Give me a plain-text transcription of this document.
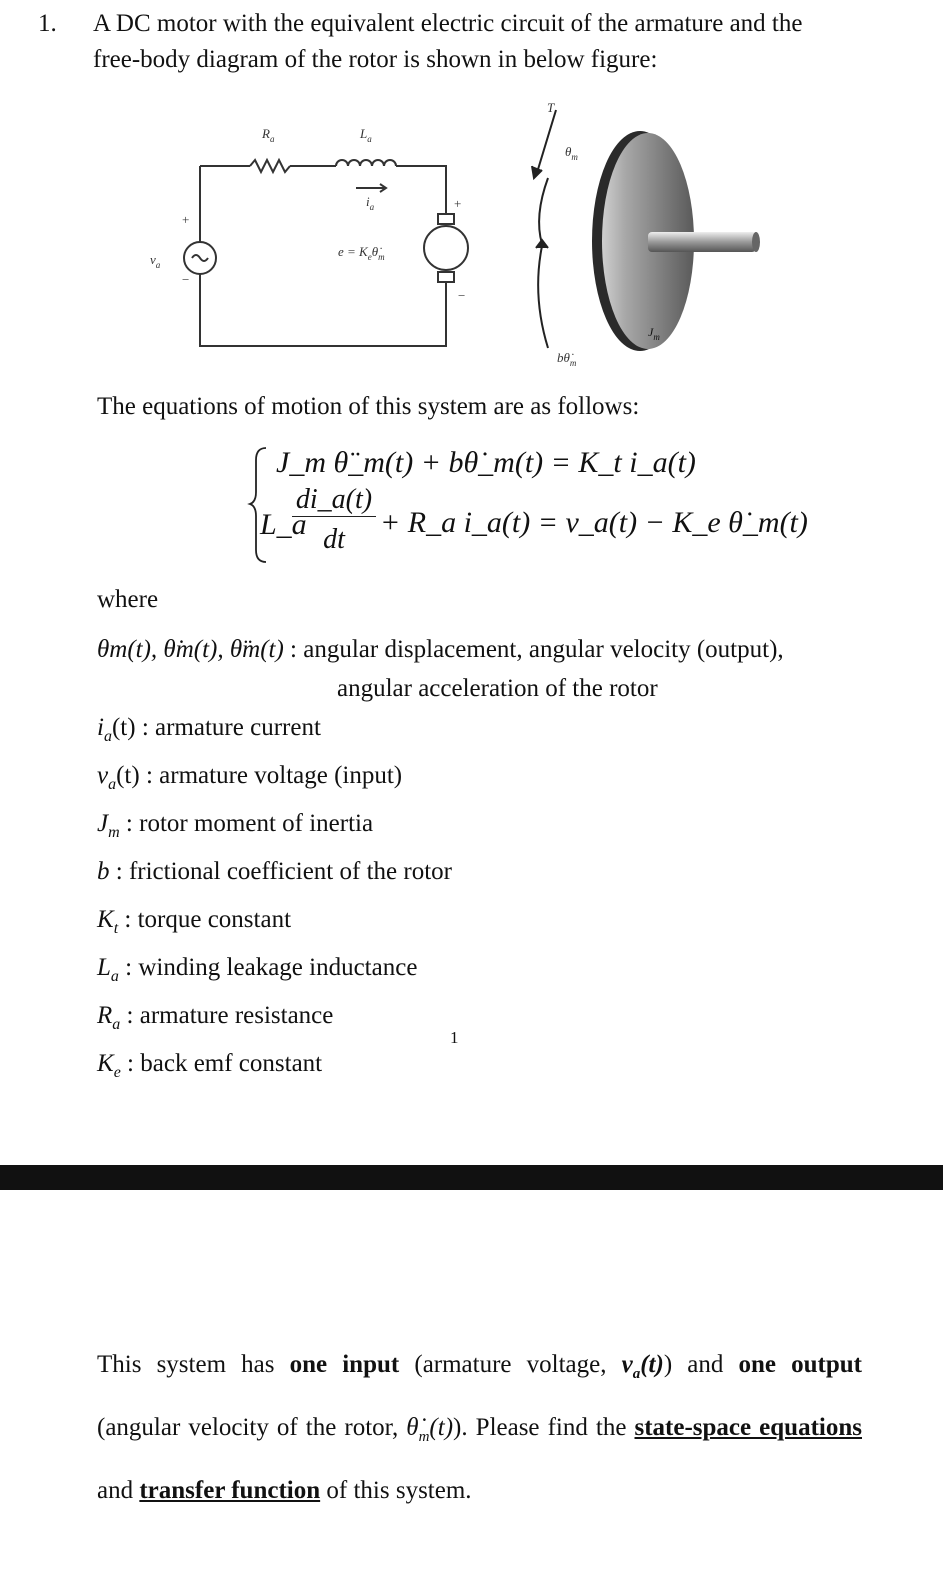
1. A DC motor with the equivalent electric circuit of the armature and the
free-body diagram of the rotor is shown in below figure:
$R_a$	$L_a$
$i_a$
$v_a$
$e = K_e\thetȧ_m$
+
−
+
−
T
$\theta_m$
$b\thetȧ_m$
$J_m$
The equations of motion of this system are as follows:
J_m θ̈_m(t) + bθ̇_m(t) = K_t i_a(t)
L_a
di_a(t)
dt
+ R_a i_a(t) = v_a(t) − K_e θ̇_m(t)
where
θm(t), θ̇m(t), θ̈m(t) : angular displacement, angular velocity (output),
angular acceleration of the rotor
$i_a(t)$ : armature current
$v_a(t)$ : armature voltage (input)
$J_m$ : rotor moment of inertia
b : frictional coefficient of the rotor
$K_t$ : torque constant
$L_a$ : winding leakage inductance
$R_a$ : armature resistance
$K_e$ : back emf constant
1
This system has one input (armature voltage, $v_a(t)$) and one output (angular velocity of the rotor, $\thetȧ_m(t)$). Please find the state-space equations and transfer function of this system.
